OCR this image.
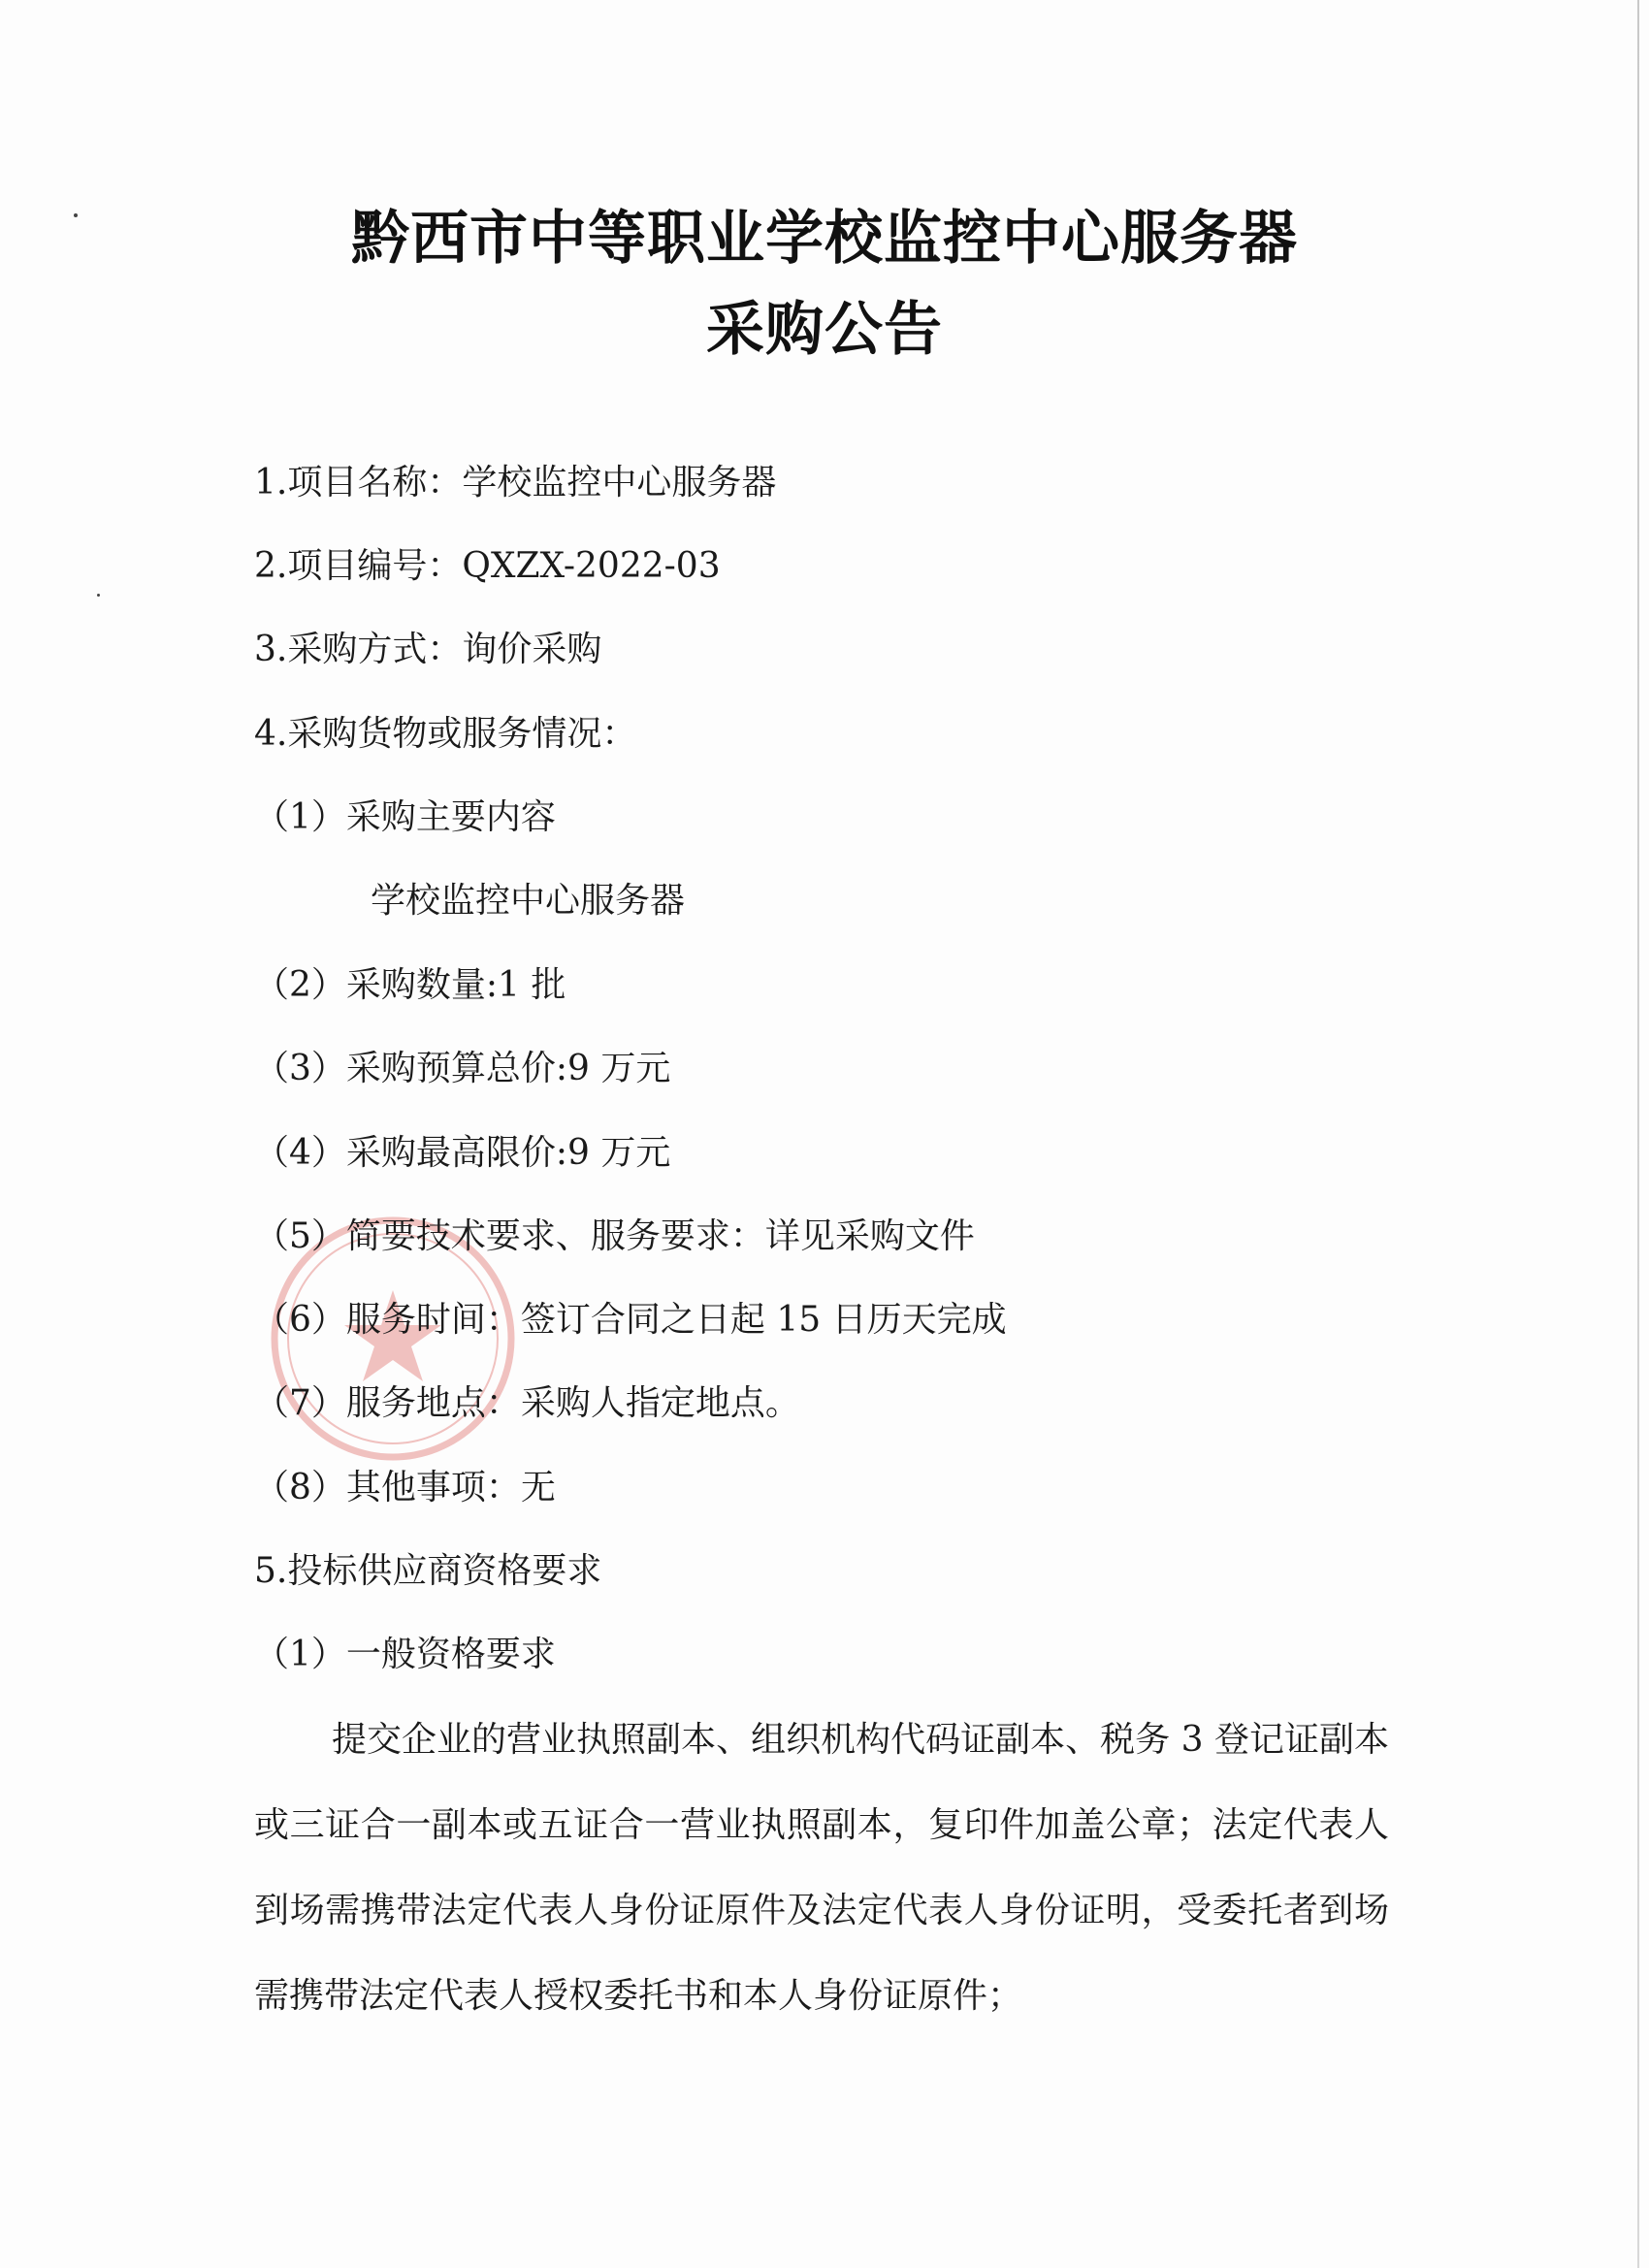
黔西市中等职业学校监控中心服务器
采购公告
1.项目名称：学校监控中心服务器
2.项目编号：QXZX-2022-03
3.采购方式：询价采购
4.采购货物或服务情况：
（1）采购主要内容
学校监控中心服务器
（2）采购数量:1 批
（3）采购预算总价:9 万元
（4）采购最高限价:9 万元
（5）简要技术要求、服务要求：详见采购文件
（6）服务时间：签订合同之日起 15 日历天完成
（7）服务地点：采购人指定地点。
（8）其他事项：无
5.投标供应商资格要求
（1）一般资格要求

提交企业的营业执照副本、组织机构代码证副本、税务 3 登记证副本或三证合一副本或五证合一营业执照副本，复印件加盖公章；法定代表人到场需携带法定代表人身份证原件及法定代表人身份证明，受委托者到场需携带法定代表人授权委托书和本人身份证原件；
